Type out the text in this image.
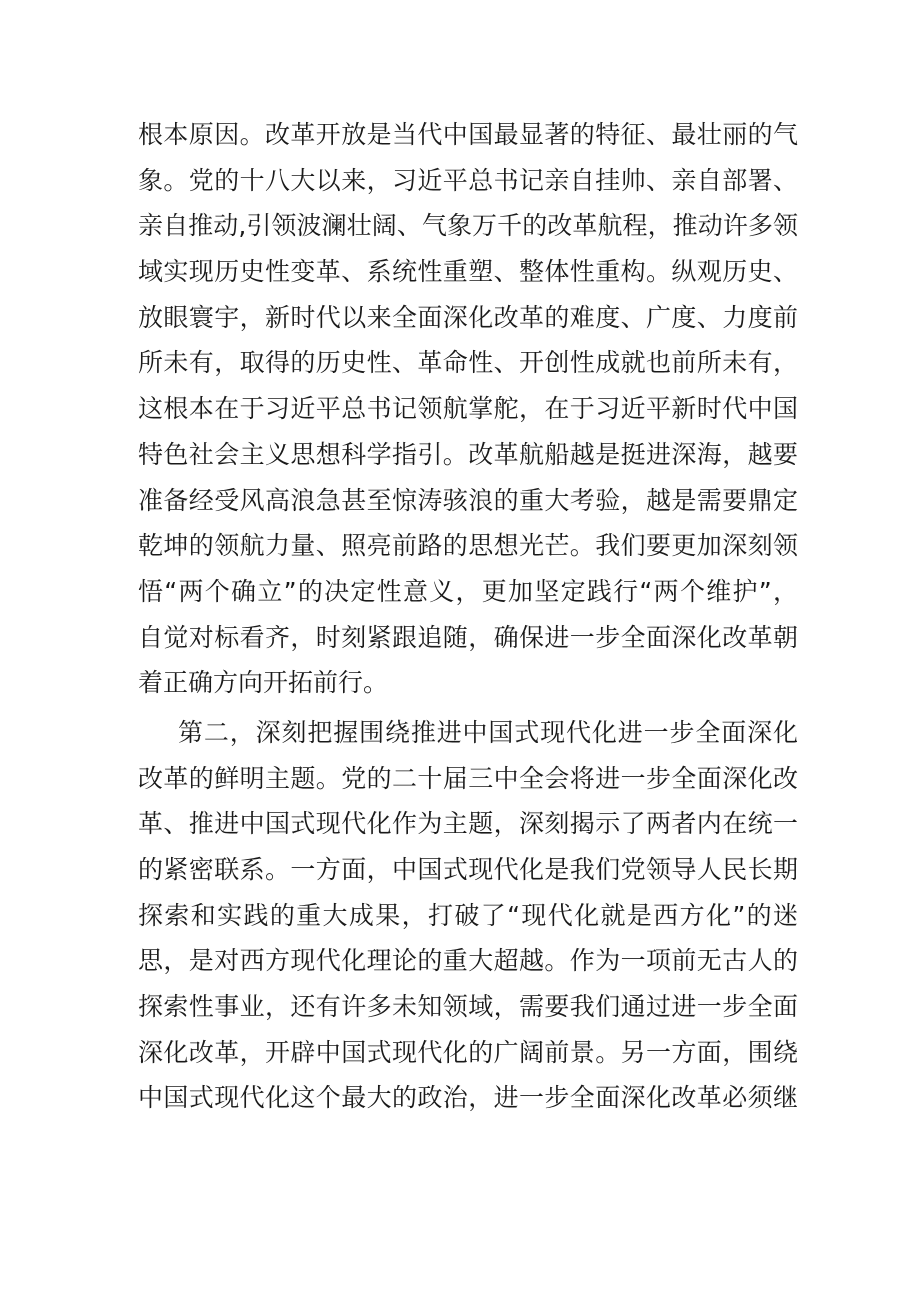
根本原因。改革开放是当代中国最显著的特征、最壮丽的气
象。党的十八大以来，习近平总书记亲自挂帅、亲自部署、
亲自推动,引领波澜壮阔、气象万千的改革航程，推动许多领
域实现历史性变革、系统性重塑、整体性重构。纵观历史、
放眼寰宇，新时代以来全面深化改革的难度、广度、力度前
所未有，取得的历史性、革命性、开创性成就也前所未有，
这根本在于习近平总书记领航掌舵，在于习近平新时代中国
特色社会主义思想科学指引。改革航船越是挺进深海，越要
准备经受风高浪急甚至惊涛骇浪的重大考验，越是需要鼎定
乾坤的领航力量、照亮前路的思想光芒。我们要更加深刻领
悟“两个确立”的决定性意义，更加坚定践行“两个维护”，
自觉对标看齐，时刻紧跟追随，确保进一步全面深化改革朝
着正确方向开拓前行。
第二，深刻把握围绕推进中国式现代化进一步全面深化
改革的鲜明主题。党的二十届三中全会将进一步全面深化改
革、推进中国式现代化作为主题，深刻揭示了两者内在统一
的紧密联系。一方面，中国式现代化是我们党领导人民长期
探索和实践的重大成果，打破了“现代化就是西方化”的迷
思，是对西方现代化理论的重大超越。作为一项前无古人的
探索性事业，还有许多未知领域，需要我们通过进一步全面
深化改革，开辟中国式现代化的广阔前景。另一方面，围绕
中国式现代化这个最大的政治，进一步全面深化改革必须继
